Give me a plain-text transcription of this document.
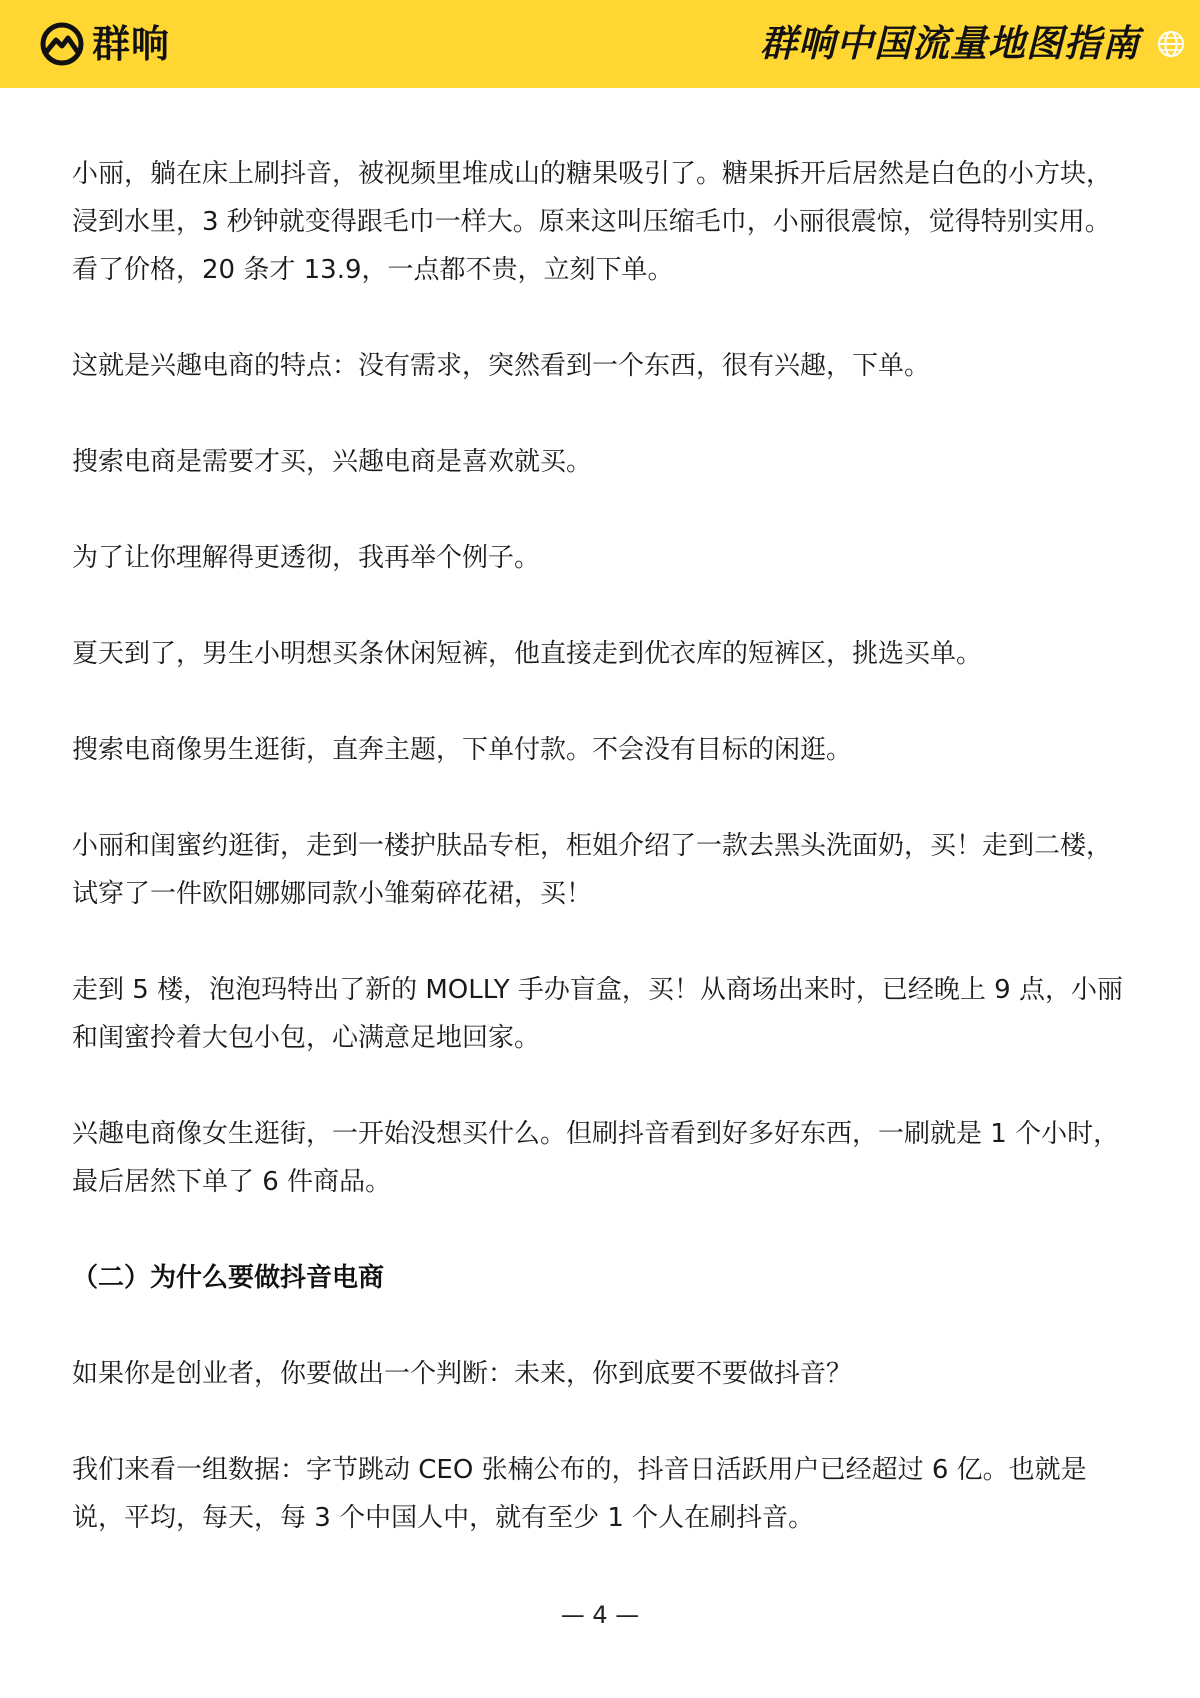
群响	群响中国流量地图指南

小丽，躺在床上刷抖音，被视频里堆成山的糖果吸引了。糖果拆开后居然是白色的小方块，浸到水里，3 秒钟就变得跟毛巾一样大。原来这叫压缩毛巾，小丽很震惊，觉得特别实用。看了价格，20 条才 13.9，一点都不贵，立刻下单。

这就是兴趣电商的特点：没有需求，突然看到一个东西，很有兴趣，下单。

搜索电商是需要才买，兴趣电商是喜欢就买。

为了让你理解得更透彻，我再举个例子。

夏天到了，男生小明想买条休闲短裤，他直接走到优衣库的短裤区，挑选买单。

搜索电商像男生逛街，直奔主题，下单付款。不会没有目标的闲逛。

小丽和闺蜜约逛街，走到一楼护肤品专柜，柜姐介绍了一款去黑头洗面奶，买！走到二楼，试穿了一件欧阳娜娜同款小雏菊碎花裙，买！

走到 5 楼，泡泡玛特出了新的 MOLLY 手办盲盒，买！从商场出来时，已经晚上 9 点，小丽和闺蜜拎着大包小包，心满意足地回家。

兴趣电商像女生逛街，一开始没想买什么。但刷抖音看到好多好东西，一刷就是 1 个小时，最后居然下单了 6 件商品。

（二）为什么要做抖音电商

如果你是创业者，你要做出一个判断：未来，你到底要不要做抖音？

我们来看一组数据：字节跳动 CEO 张楠公布的，抖音日活跃用户已经超过 6 亿。也就是说，平均，每天，每 3 个中国人中，就有至少 1 个人在刷抖音。

— 4 —
